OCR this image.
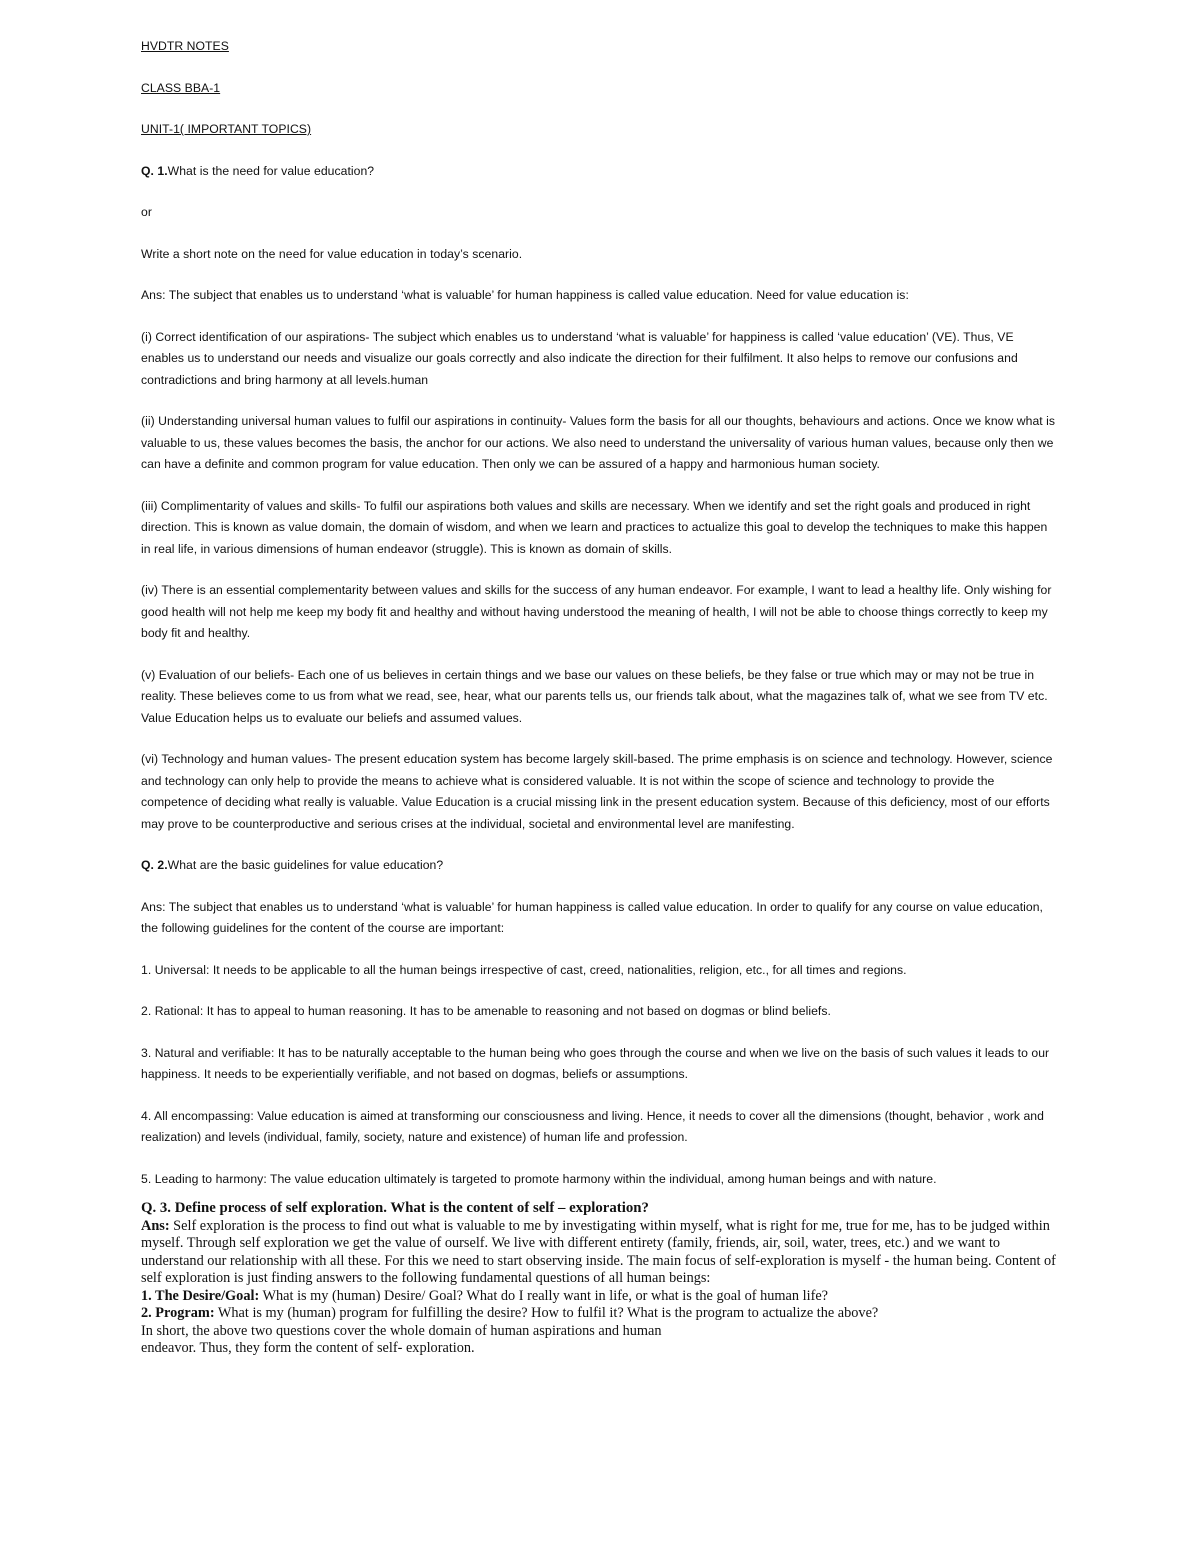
HVDTR NOTES

CLASS BBA-1

UNIT-1( IMPORTANT TOPICS)

Q. 1.What is the need for value education?

or

Write a short note on the need for value education in today’s scenario.

Ans: The subject that enables us to understand ‘what is valuable’ for human happiness is called value education. Need for value education is:

(i) Correct identification of our aspirations- The subject which enables us to understand ‘what is valuable’ for happiness is called ‘value education’ (VE). Thus, VE enables us to understand our needs and visualize our goals correctly and also indicate the direction for their fulfilment. It also helps to remove our confusions and contradictions and bring harmony at all levels.human

(ii) Understanding universal human values to fulfil our aspirations in continuity- Values form the basis for all our thoughts, behaviours and actions. Once we know what is valuable to us, these values becomes the basis, the anchor for our actions. We also need to understand the universality of various human values, because only then we can have a definite and common program for value education. Then only we can be assured of a happy and harmonious human society.

(iii) Complimentarity of values and skills- To fulfil our aspirations both values and skills are necessary. When we identify and set the right goals and produced in right direction. This is known as value domain, the domain of wisdom, and when we learn and practices to actualize this goal to develop the techniques to make this happen in real life, in various dimensions of human endeavor (struggle). This is known as domain of skills.

(iv) There is an essential complementarity between values and skills for the success of any human endeavor. For example, I want to lead a healthy life. Only wishing for good health will not help me keep my body fit and healthy and without having understood the meaning of health, I will not be able to choose things correctly to keep my body fit and healthy.

(v) Evaluation of our beliefs- Each one of us believes in certain things and we base our values on these beliefs, be they false or true which may or may not be true in reality. These believes come to us from what we read, see, hear, what our parents tells us, our friends talk about, what the magazines talk of, what we see from TV etc. Value Education helps us to evaluate our beliefs and assumed values.

(vi) Technology and human values- The present education system has become largely skill-based. The prime emphasis is on science and technology. However, science and technology can only help to provide the means to achieve what is considered valuable. It is not within the scope of science and technology to provide the competence of deciding what really is valuable. Value Education is a crucial missing link in the present education system. Because of this deficiency, most of our efforts may prove to be counterproductive and serious crises at the individual, societal and environmental level are manifesting.

Q. 2.What are the basic guidelines for value education?

Ans: The subject that enables us to understand ‘what is valuable’ for human happiness is called value education. In order to qualify for any course on value education, the following guidelines for the content of the course are important:

1. Universal: It needs to be applicable to all the human beings irrespective of cast, creed, nationalities, religion, etc., for all times and regions.

2. Rational: It has to appeal to human reasoning. It has to be amenable to reasoning and not based on dogmas or blind beliefs.

3. Natural and verifiable: It has to be naturally acceptable to the human being who goes through the course and when we live on the basis of such values it leads to our happiness. It needs to be experientially verifiable, and not based on dogmas, beliefs or assumptions.

4. All encompassing: Value education is aimed at transforming our consciousness and living. Hence, it needs to cover all the dimensions (thought, behavior , work and realization) and levels (individual, family, society, nature and existence) of human life and profession.

5. Leading to harmony: The value education ultimately is targeted to promote harmony within the individual, among human beings and with nature.

Q. 3. Define process of self exploration. What is the content of self – exploration?

Ans: Self exploration is the process to find out what is valuable to me by investigating within myself, what is right for me, true for me, has to be judged within myself. Through self exploration we get the value of ourself. We live with different entirety (family, friends, air, soil, water, trees, etc.) and we want to understand our relationship with all these. For this we need to start observing inside. The main focus of self-exploration is myself - the human being. Content of self exploration is just finding answers to the following fundamental questions of all human beings:

1. The Desire/Goal: What is my (human) Desire/ Goal? What do I really want in life, or what is the goal of human life?

2. Program: What is my (human) program for fulfilling the desire? How to fulfil it? What is the program to actualize the above?

In short, the above two questions cover the whole domain of human aspirations and human

endeavor. Thus, they form the content of self- exploration.
